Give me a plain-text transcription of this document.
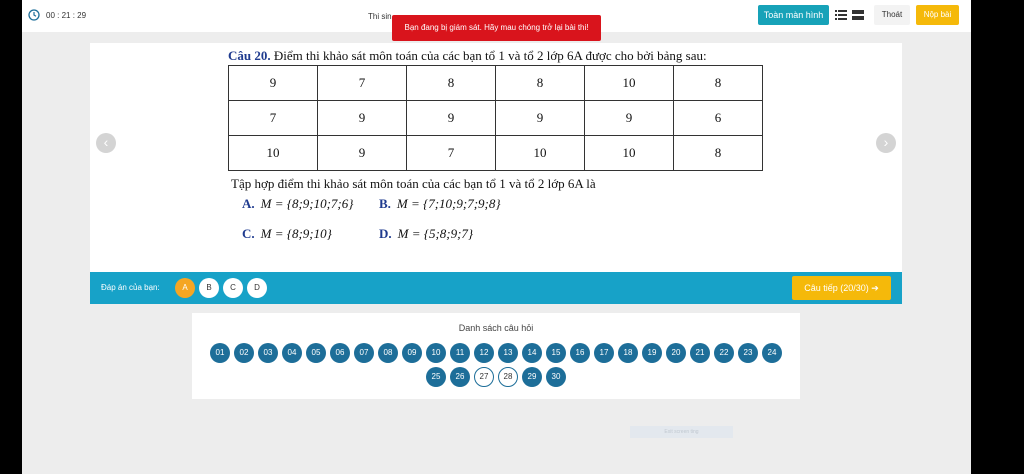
00 : 21 : 29	Thi sin	Toàn màn hình	Thoát	Nộp bài
Bạn đang bị giám sát. Hãy mau chóng trở lại bài thi!
Câu 20. Điểm thi khảo sát môn toán của các bạn tổ 1 và tổ 2 lớp 6A được cho bởi bảng sau:
9	7	8	8	10	8
7	9	9	9	9	6
10	9	7	10	10	8
Tập hợp điểm thi khảo sát môn toán của các bạn tổ 1 và tổ 2 lớp 6A là
A. M = {8;9;10;7;6} B. M = {7;10;9;7;9;8}
C. M = {8;9;10}	D. M = {5;8;9;7}
‹	›
Đáp án của bạn:	A	B	C	D	Câu tiếp (20/30) ➔
Danh sách câu hỏi
01	02	03	04	05	06	07	08	09	10	11	12	13	14	15	16	17	18	19	20	21	22	23	24
25	26	27	28	29	30
Exit screen ting
